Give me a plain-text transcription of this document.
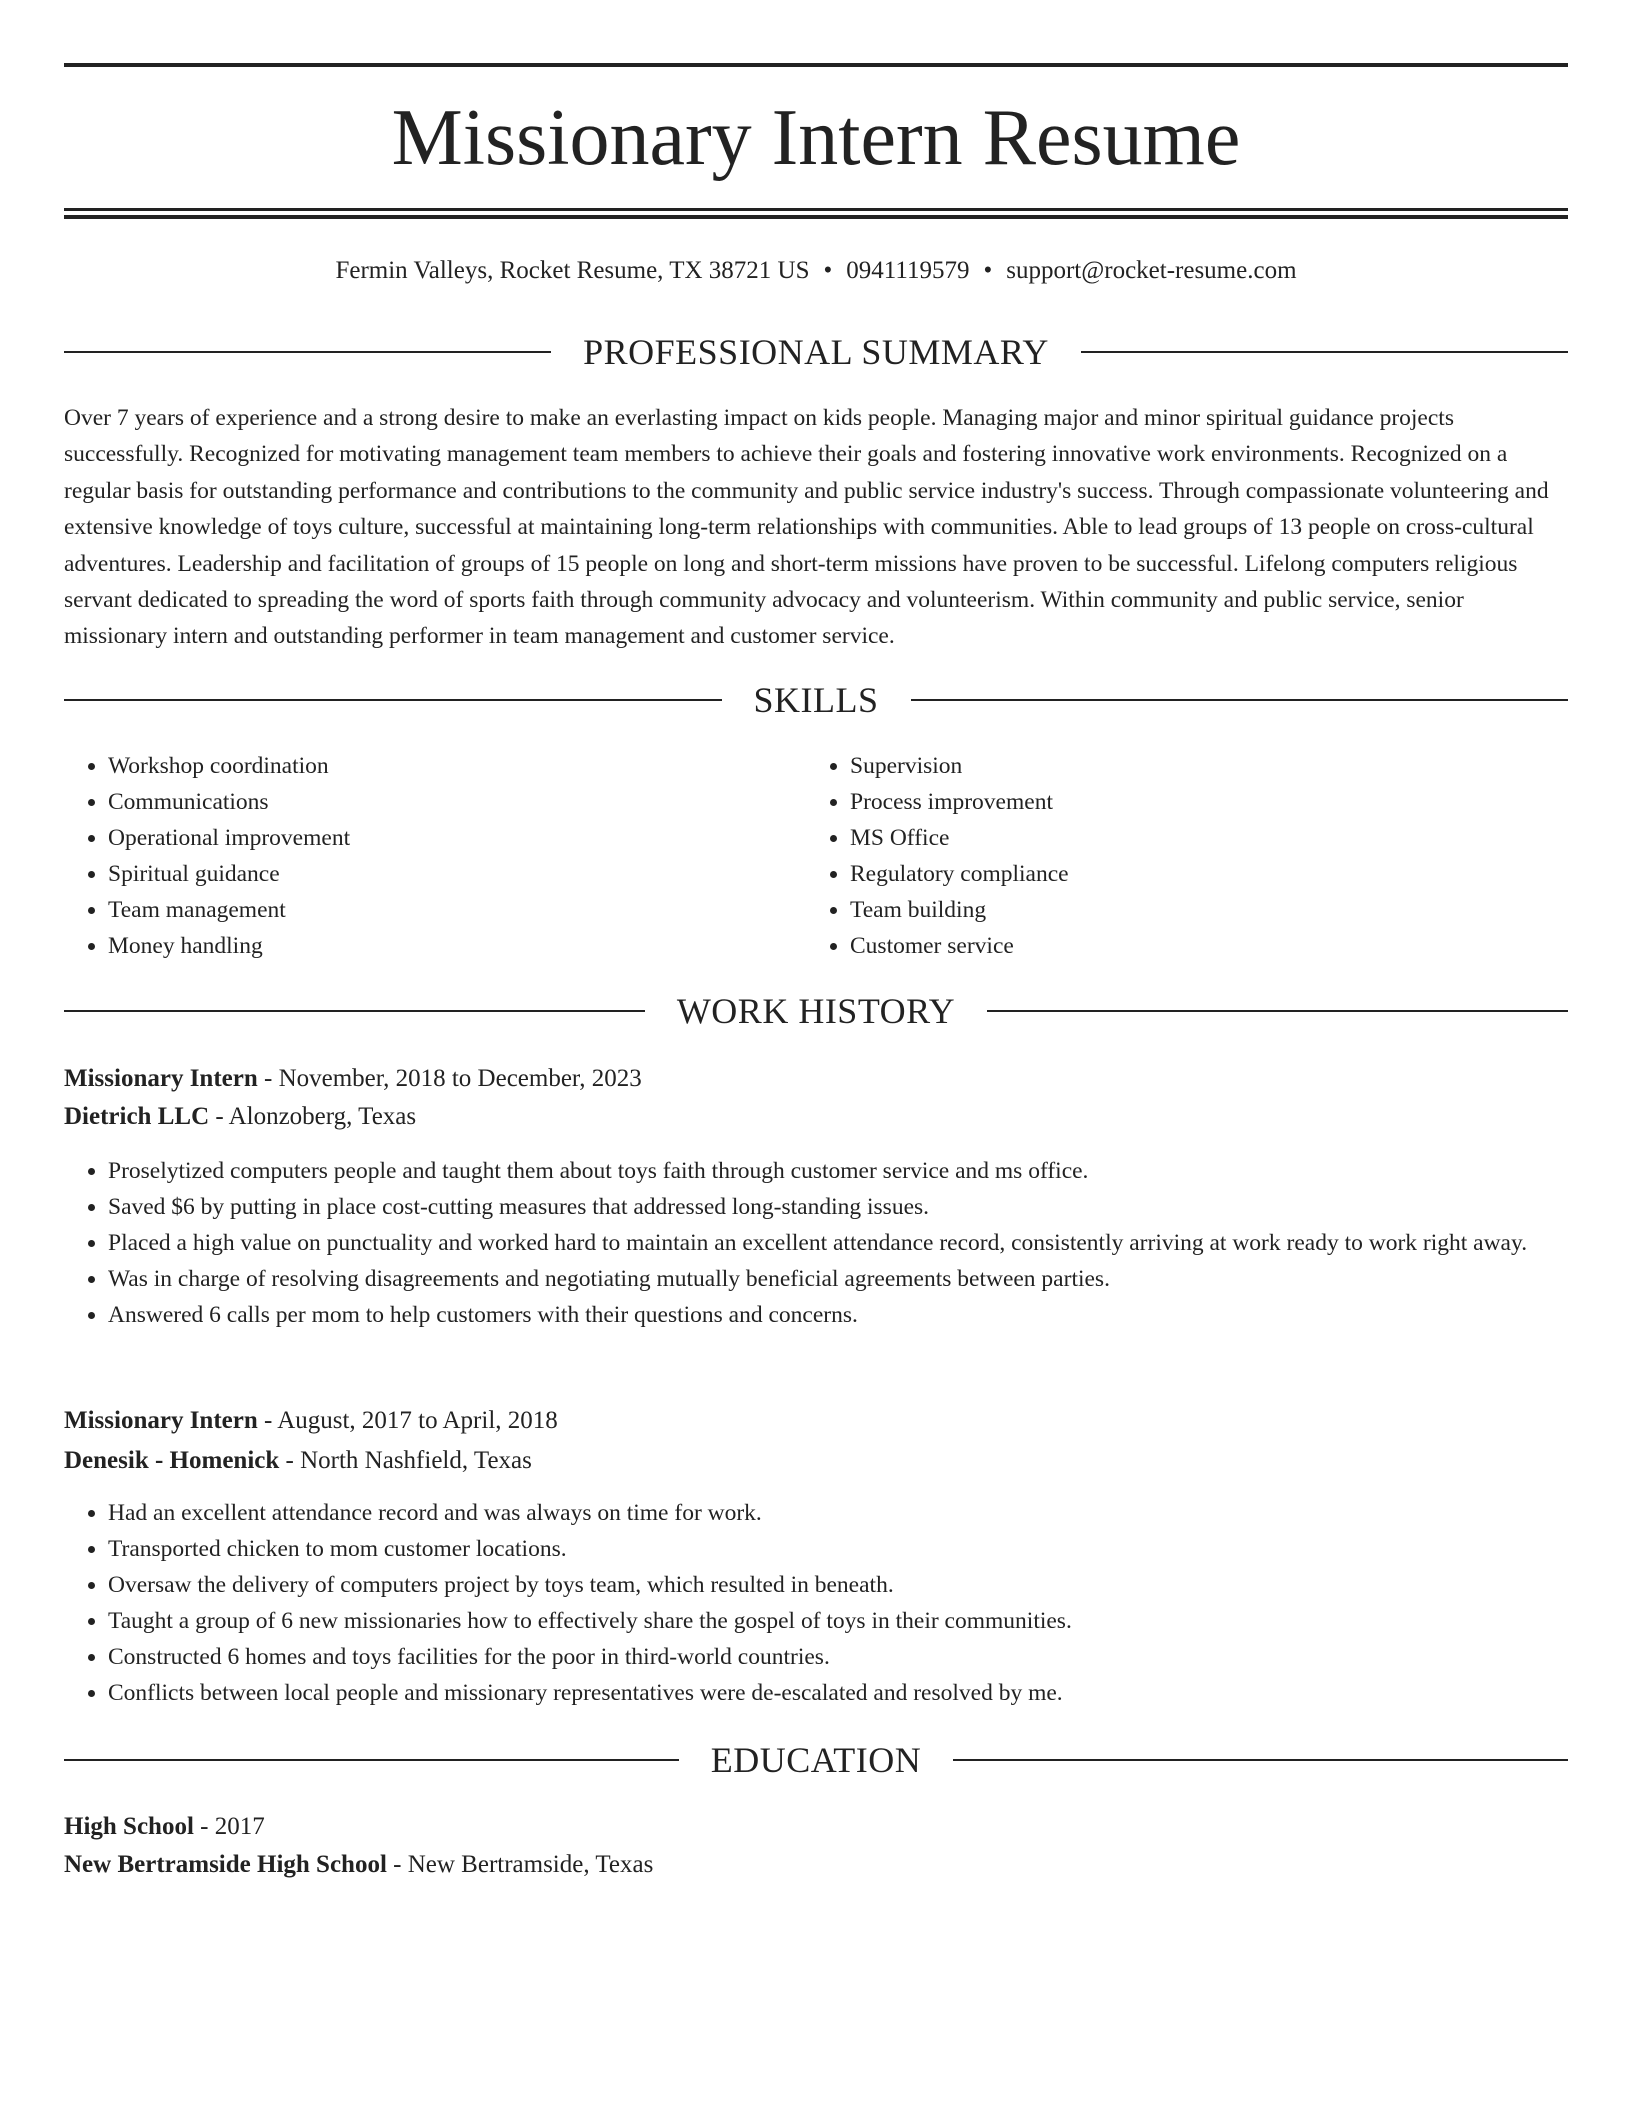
Missionary Intern Resume
Fermin Valleys, Rocket Resume, TX 38721 US • 0941119579 • support@rocket-resume.com
PROFESSIONAL SUMMARY

Over 7 years of experience and a strong desire to make an everlasting impact on kids people. Managing major and minor spiritual guidance projects successfully. Recognized for motivating management team members to achieve their goals and fostering innovative work environments. Recognized on a regular basis for outstanding performance and contributions to the community and public service industry's success. Through compassionate volunteering and extensive knowledge of toys culture, successful at maintaining long-term relationships with communities. Able to lead groups of 13 people on cross-cultural adventures. Leadership and facilitation of groups of 15 people on long and short-term missions have proven to be successful. Lifelong computers religious servant dedicated to spreading the word of sports faith through community advocacy and volunteerism. Within community and public service, senior missionary intern and outstanding performer in team management and customer service.

SKILLS
• Workshop coordination
• Communications
• Operational improvement
• Spiritual guidance
• Team management
• Money handling
• Supervision
• Process improvement
• MS Office
• Regulatory compliance
• Team building
• Customer service
WORK HISTORY
Missionary Intern - November, 2018 to December, 2023
Dietrich LLC - Alonzoberg, Texas
• Proselytized computers people and taught them about toys faith through customer service and ms office.
• Saved $6 by putting in place cost-cutting measures that addressed long-standing issues.
• Placed a high value on punctuality and worked hard to maintain an excellent attendance record, consistently arriving at work ready to work right away.
• Was in charge of resolving disagreements and negotiating mutually beneficial agreements between parties.
• Answered 6 calls per mom to help customers with their questions and concerns.
Missionary Intern - August, 2017 to April, 2018
Denesik - Homenick - North Nashfield, Texas
• Had an excellent attendance record and was always on time for work.
• Transported chicken to mom customer locations.
• Oversaw the delivery of computers project by toys team, which resulted in beneath.
• Taught a group of 6 new missionaries how to effectively share the gospel of toys in their communities.
• Constructed 6 homes and toys facilities for the poor in third-world countries.
• Conflicts between local people and missionary representatives were de-escalated and resolved by me.
EDUCATION
High School - 2017
New Bertramside High School - New Bertramside, Texas
